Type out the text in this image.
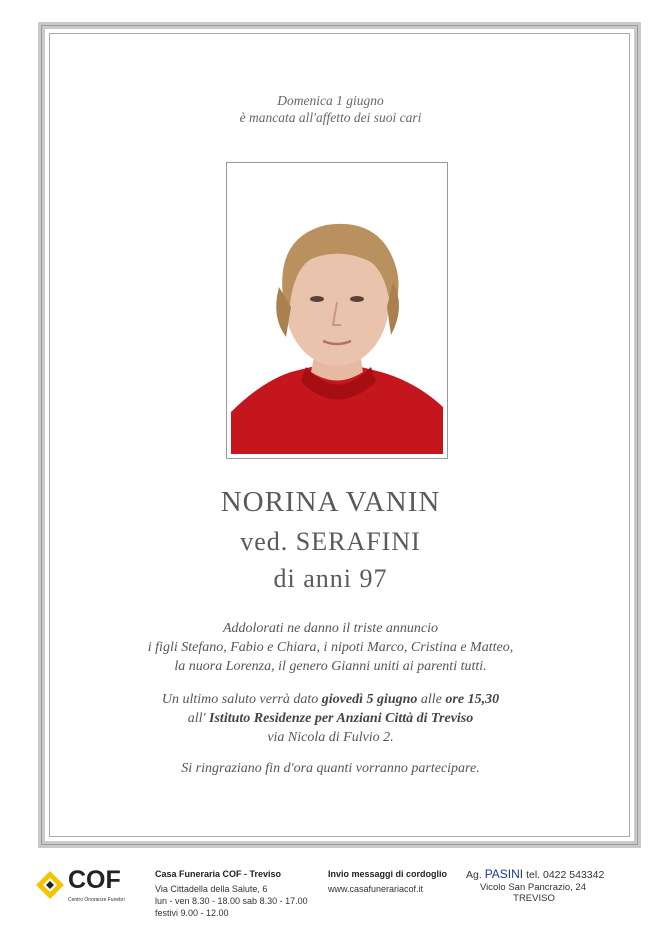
Domenica 1 giugno
è mancata all'affetto dei suoi cari
NORINA VANIN
ved. SERAFINI
di anni 97
Addolorati ne danno il triste annuncio
i figli Stefano, Fabio e Chiara, i nipoti Marco, Cristina e Matteo,
la nuora Lorenza, il genero Gianni uniti ai parenti tutti.
Un ultimo saluto verrà dato giovedì 5 giugno alle ore 15,30
all' Istituto Residenze per Anziani Città di Treviso
via Nicola di Fulvio 2.
Si ringraziano fin d'ora quanti vorranno partecipare.
COF
Centro Onoranze Funebri
Casa Funeraria COF - Treviso
Via Cittadella della Salute, 6
lun - ven 8.30 - 18.00 sab 8.30 - 17.00
festivi 9.00 - 12.00
Invio messaggi di cordoglio
www.casafunerariacof.it
Ag. PASINI tel. 0422 543342
Vicolo San Pancrazio, 24
TREVISO
